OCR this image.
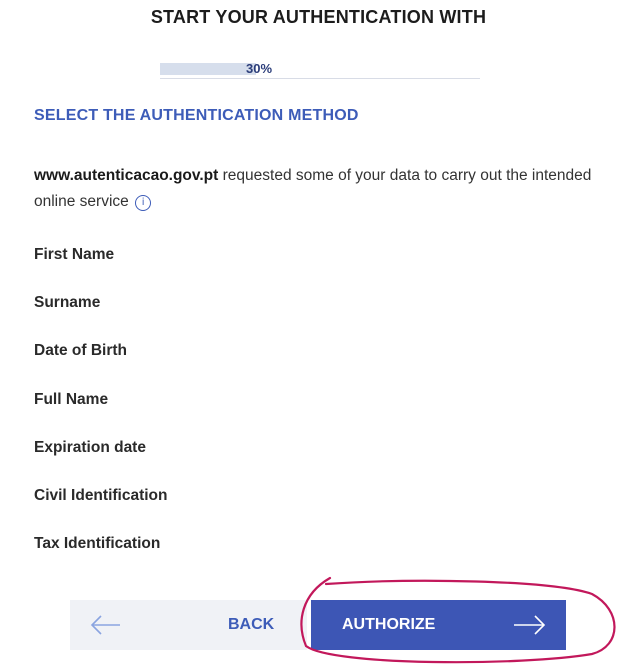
START YOUR AUTHENTICATION WITH
30%
SELECT THE AUTHENTICATION METHOD
www.autenticacao.gov.pt requested some of your data to carry out the intended online service i
First Name
Surname
Date of Birth
Full Name
Expiration date
Civil Identification
Tax Identification
BACK	AUTHORIZE
